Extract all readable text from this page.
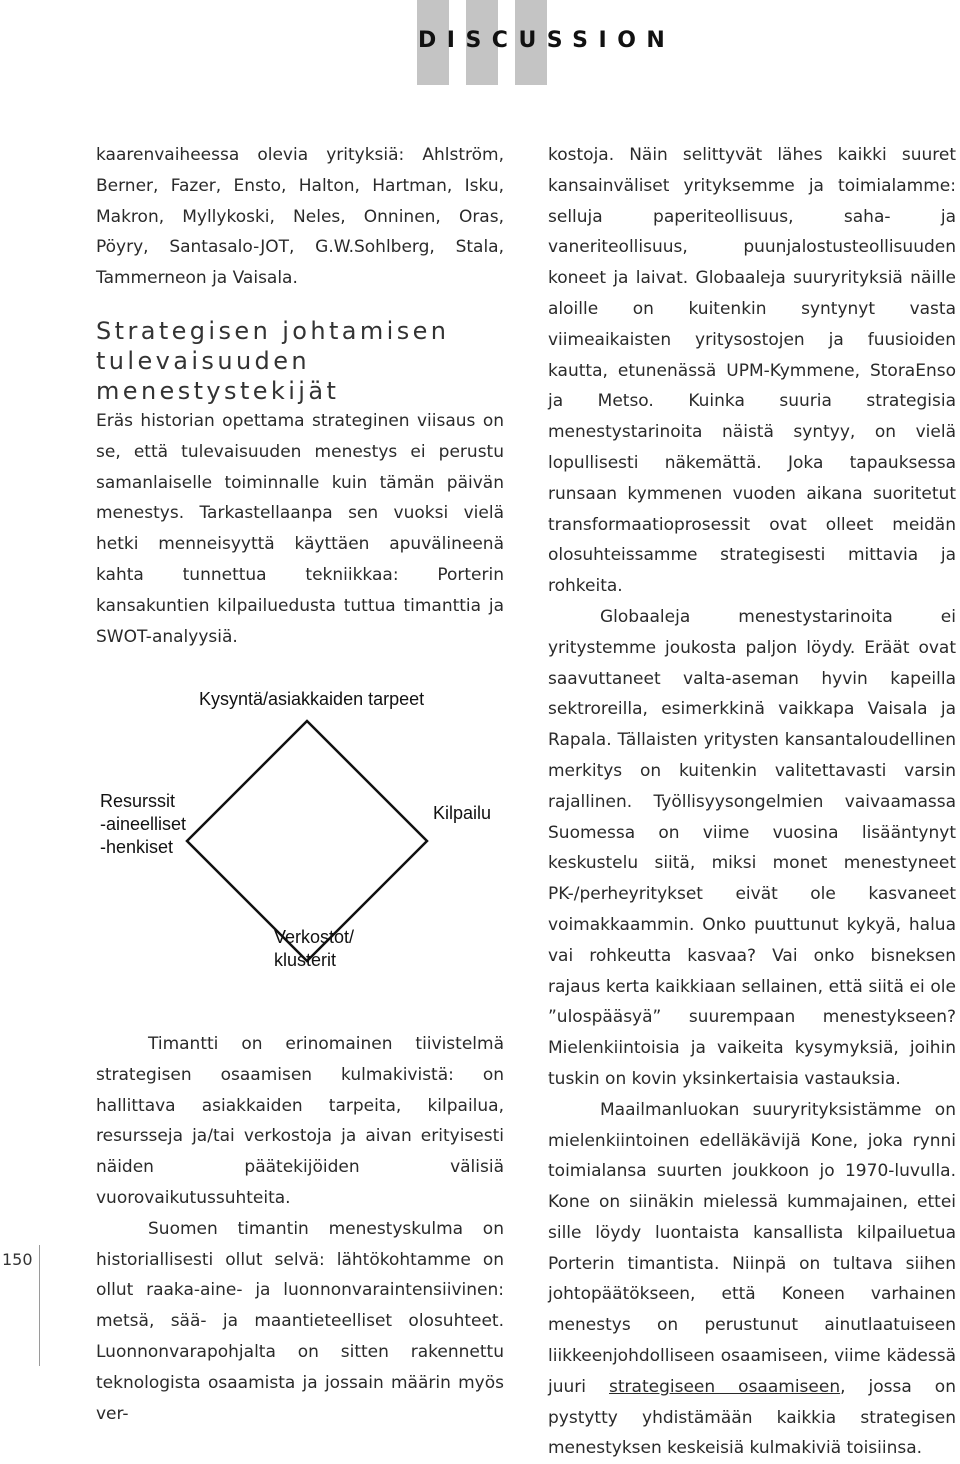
DISCUSSION

kaarenvaiheessa olevia yrityksiä: Ahlström, Berner, Fazer, Ensto, Halton, Hartman, Isku, Makron, Myllykoski, Neles, Onninen, Oras, Pöyry, Santasalo-JOT, G.W.Sohlberg, Stala, Tammerneon ja Vaisala.

Strategisen johtamisen tulevaisuuden menestystekijät

Eräs historian opettama strateginen viisaus on se, että tulevaisuuden menestys ei perustu samanlaiselle toiminnalle kuin tämän päivän menestys. Tarkastellaanpa sen vuoksi vielä hetki menneisyyttä käyttäen apuvälineenä kahta tunnettua tekniikkaa: Porterin kansakuntien kilpailuedusta tuttua timanttia ja SWOT-analyysiä.

Kysyntä/asiakkaiden tarpeet
Resurssit
-aineelliset
-henkiset
Kilpailu
Verkostot/
klusterit

Timantti on erinomainen tiivistelmä strategisen osaamisen kulmakivistä: on hallittava asiakkaiden tarpeita, kilpailua, resursseja ja/tai verkostoja ja aivan erityisesti näiden päätekijöiden välisiä vuorovaikutussuhteita.

Suomen timantin menestyskulma on historiallisesti ollut selvä: lähtökohtamme on ollut raaka-aine- ja luonnonvaraintensiivinen: metsä, sää- ja maantieteelliset olosuhteet. Luonnonvarapohjalta on sitten rakennettu teknologista osaamista ja jossain määrin myös ver-

kostoja. Näin selittyvät lähes kaikki suuret kansainväliset yrityksemme ja toimialamme: selluja paperiteollisuus, saha- ja vaneriteollisuus, puunjalostusteollisuuden koneet ja laivat. Globaaleja suuryrityksiä näille aloille on kuitenkin syntynyt vasta viimeaikaisten yritysostojen ja fuusioiden kautta, etunenässä UPM-Kymmene, StoraEnso ja Metso. Kuinka suuria strategisia menestystarinoita näistä syntyy, on vielä lopullisesti näkemättä. Joka tapauksessa runsaan kymmenen vuoden aikana suoritetut transformaatioprosessit ovat olleet meidän olosuhteissamme strategisesti mittavia ja rohkeita.

Globaaleja menestystarinoita ei yritystemme joukosta paljon löydy. Eräät ovat saavuttaneet valta-aseman hyvin kapeilla sektroreilla, esimerkkinä vaikkapa Vaisala ja Rapala. Tällaisten yritysten kansantaloudellinen merkitys on kuitenkin valitettavasti varsin rajallinen. Työllisyysongelmien vaivaamassa Suomessa on viime vuosina lisääntynyt keskustelu siitä, miksi monet menestyneet PK-/perheyritykset eivät ole kasvaneet voimakkaammin. Onko puuttunut kykyä, halua vai rohkeutta kasvaa? Vai onko bisneksen rajaus kerta kaikkiaan sellainen, että siitä ei ole ”ulospääsyä” suurempaan menestykseen? Mielenkiintoisia ja vaikeita kysymyksiä, joihin tuskin on kovin yksinkertaisia vastauksia.

Maailmanluokan suuryrityksistämme on mielenkiintoinen edelläkävijä Kone, joka rynni toimialansa suurten joukkoon jo 1970-luvulla. Kone on siinäkin mielessä kummajainen, ettei sille löydy luontaista kansallista kilpailuetua Porterin timantista. Niinpä on tultava siihen johtopäätökseen, että Koneen varhainen menestys on perustunut ainutlaatuiseen liikkeenjohdolliseen osaamiseen, viime kädessä juuri strategiseen osaamiseen, jossa on pystytty yhdistämään kaikkia strategisen menestyksen keskeisiä kulmakiviä toisiinsa.

150
